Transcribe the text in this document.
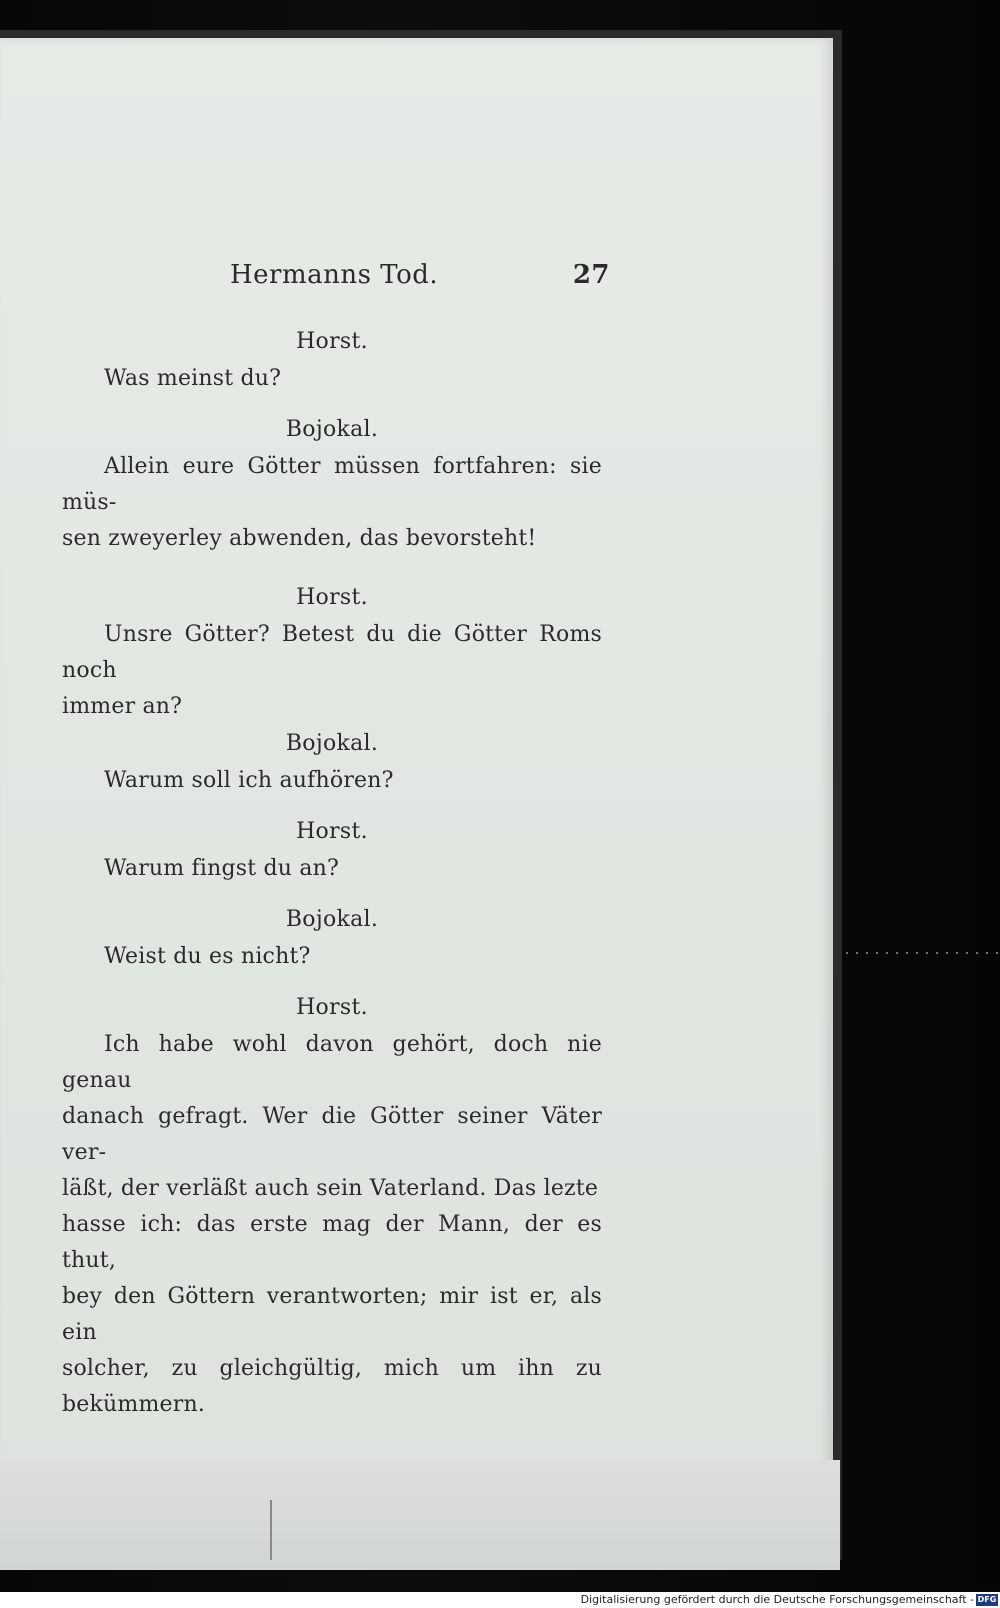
Hermanns Tod.	27

Horst.

Was meinst du?

Bojokal.

Allein eure Götter müssen fortfahren: sie müs-

sen zweyerley abwenden, das bevorsteht!

Horst.

Unsre Götter? Betest du die Götter Roms noch

immer an?

Bojokal.

Warum soll ich aufhören?

Horst.

Warum fingst du an?

Bojokal.

Weist du es nicht?

Horst.

Ich habe wohl davon gehört, doch nie genau

danach gefragt. Wer die Götter seiner Väter ver-

läßt, der verläßt auch sein Vaterland. Das lezte

hasse ich: das erste mag der Mann, der es thut,

bey den Göttern verantworten; mir ist er, als ein

solcher, zu gleichgültig, mich um ihn zu bekümmern.

Digitalisierung gefördert durch die Deutsche Forschungsgemeinschaft - DFG
